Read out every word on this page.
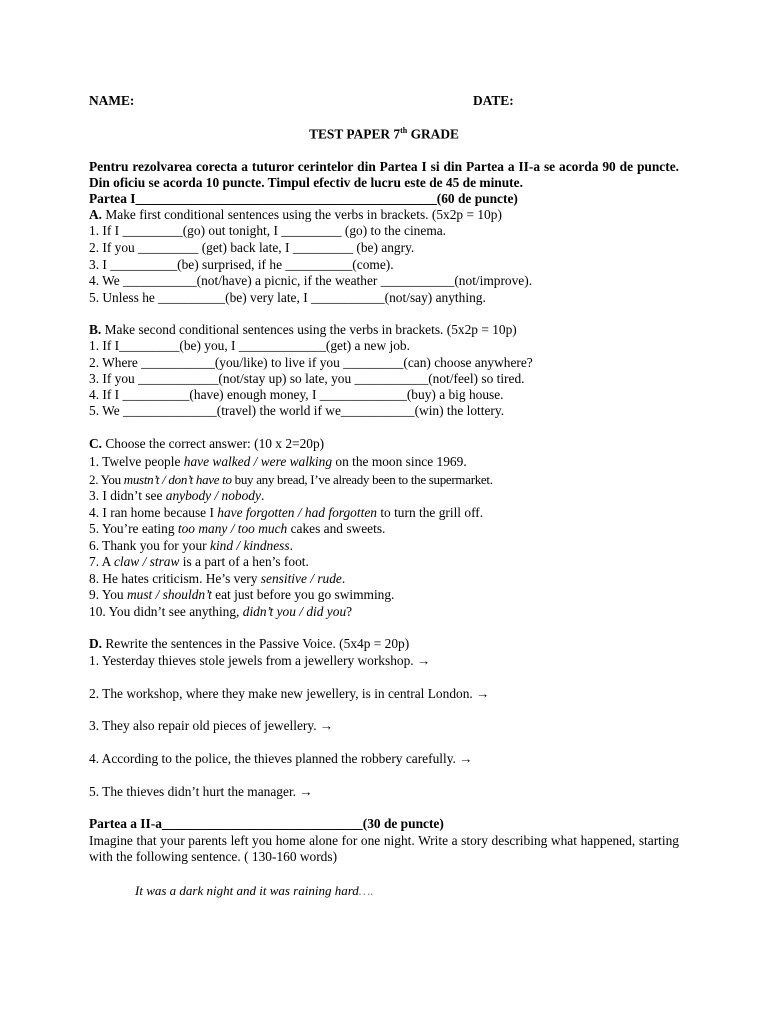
NAME:	DATE:
TEST PAPER 7th GRADE
Pentru rezolvarea corecta a tuturor cerintelor din Partea I si din Partea a II-a se acorda 90 de puncte. Din oficiu se acorda 10 puncte. Timpul efectiv de lucru este de 45 de minute.
Partea I_____________________________________________(60 de puncte)
A. Make first conditional sentences using the verbs in brackets. (5x2p = 10p)
1. If I _________(go) out tonight, I _________ (go) to the cinema.
2. If you _________ (get) back late, I _________ (be) angry.
3. I __________(be) surprised, if he __________(come).
4. We ___________(not/have) a picnic, if the weather ___________(not/improve).
5. Unless he __________(be) very late, I ___________(not/say) anything.
B. Make second conditional sentences using the verbs in brackets. (5x2p = 10p)
1. If I_________(be) you, I _____________(get) a new job.
2. Where ___________(you/like) to live if you _________(can) choose anywhere?
3. If you ____________(not/stay up) so late, you ___________(not/feel) so tired.
4. If I __________(have) enough money, I _____________(buy) a big house.
5. We ______________(travel) the world if we___________(win) the lottery.
C. Choose the correct answer: (10 x 2=20p)
1. Twelve people have walked / were walking on the moon since 1969.
2. You mustn’t / don’t have to buy any bread, I’ve already been to the supermarket.
3. I didn’t see anybody / nobody.
4. I ran home because I have forgotten / had forgotten to turn the grill off.
5. You’re eating too many / too much cakes and sweets.
6. Thank you for your kind / kindness.
7. A claw / straw is a part of a hen’s foot.
8. He hates criticism. He’s very sensitive / rude.
9. You must / shouldn’t eat just before you go swimming.
10. You didn’t see anything, didn’t you / did you?
D. Rewrite the sentences in the Passive Voice. (5x4p = 20p)
1. Yesterday thieves stole jewels from a jewellery workshop. →
2. The workshop, where they make new jewellery, is in central London. →
3. They also repair old pieces of jewellery. →
4. According to the police, the thieves planned the robbery carefully. →
5. The thieves didn’t hurt the manager. →
Partea a II-a______________________________(30 de puncte)
Imagine that your parents left you home alone for one night. Write a story describing what happened, starting with the following sentence. ( 130-160 words)
It was a dark night and it was raining hard….
